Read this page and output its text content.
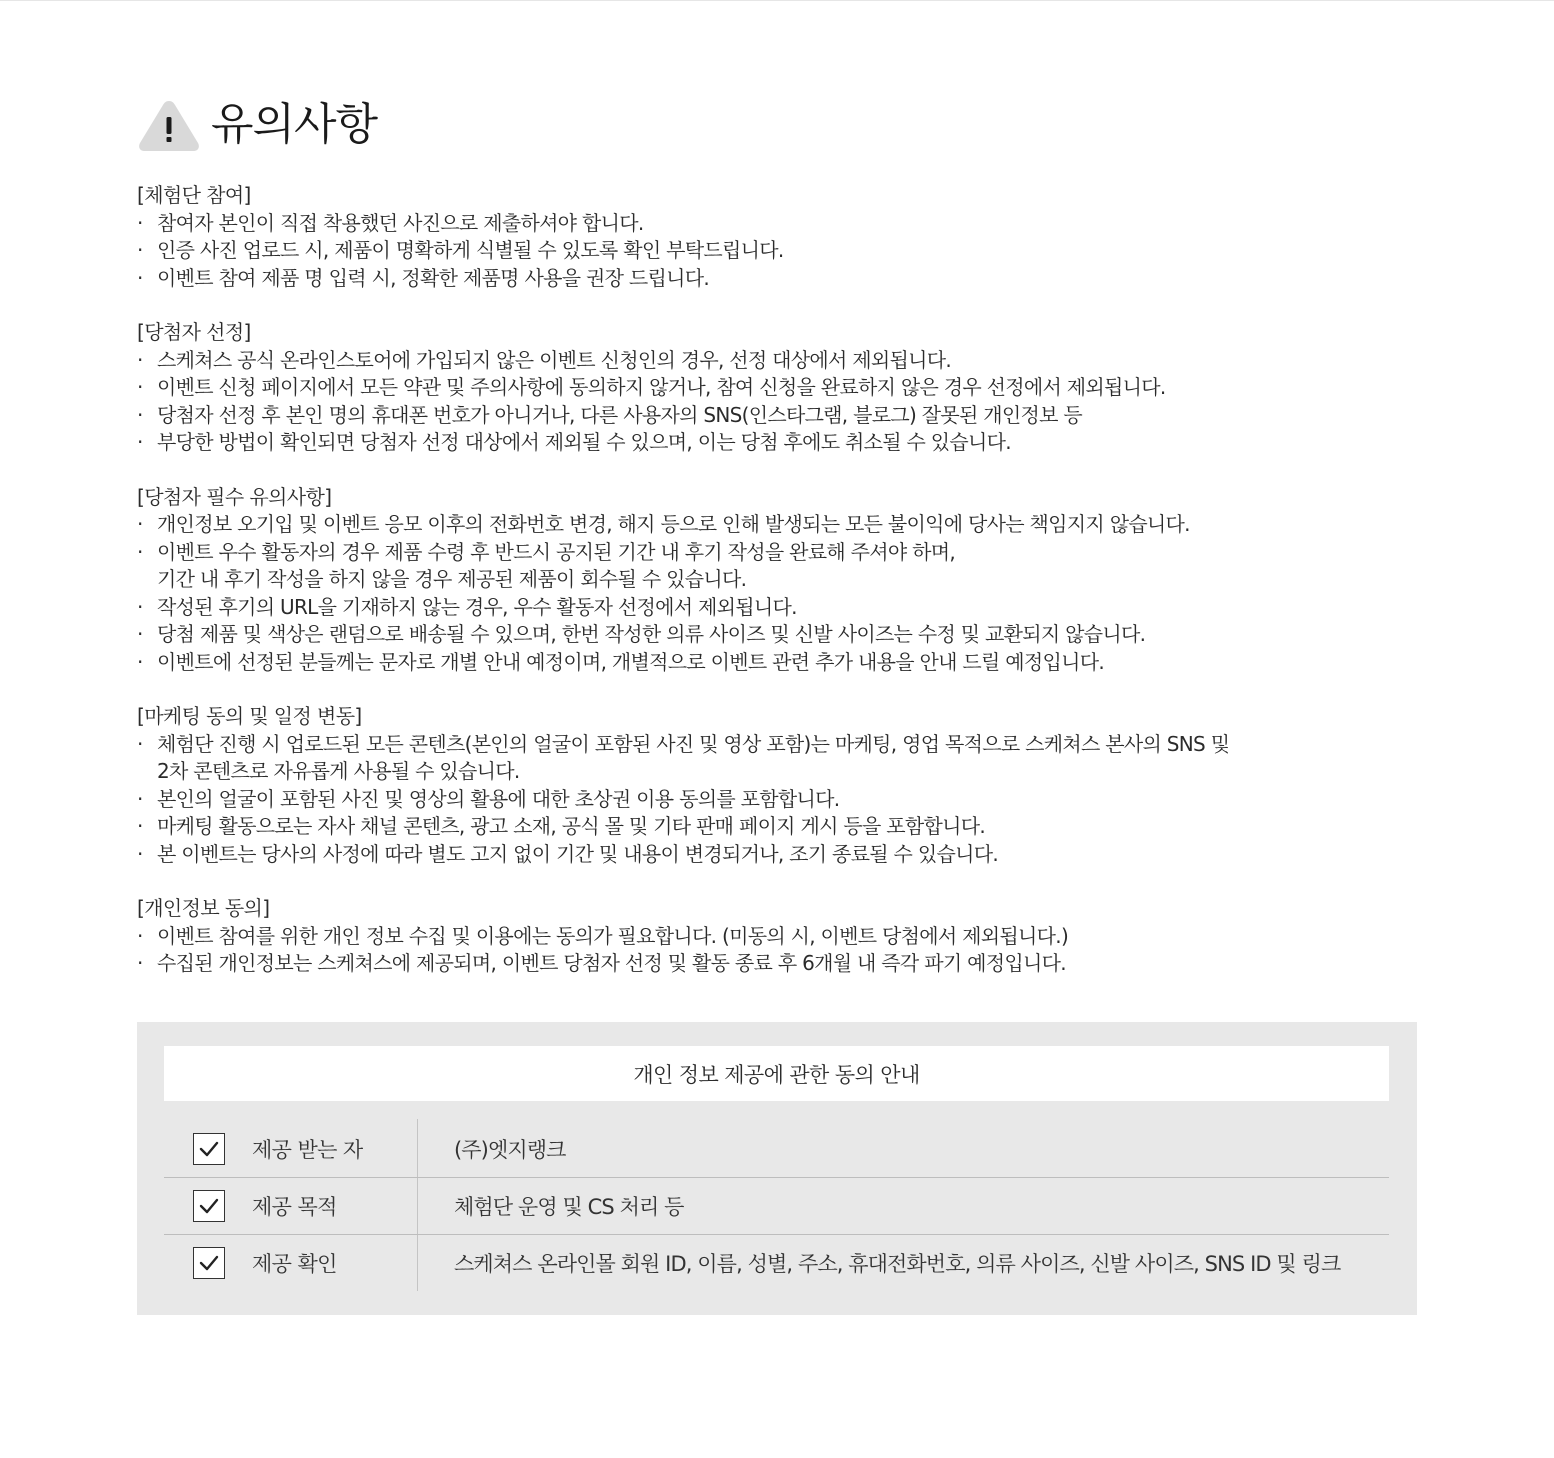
유의사항
[체험단 참여]
· 참여자 본인이 직접 착용했던 사진으로 제출하셔야 합니다.
· 인증 사진 업로드 시, 제품이 명확하게 식별될 수 있도록 확인 부탁드립니다.
· 이벤트 참여 제품 명 입력 시, 정확한 제품명 사용을 권장 드립니다.
[당첨자 선정]
· 스케쳐스 공식 온라인스토어에 가입되지 않은 이벤트 신청인의 경우, 선정 대상에서 제외됩니다.
· 이벤트 신청 페이지에서 모든 약관 및 주의사항에 동의하지 않거나, 참여 신청을 완료하지 않은 경우 선정에서 제외됩니다.
· 당첨자 선정 후 본인 명의 휴대폰 번호가 아니거나, 다른 사용자의 SNS(인스타그램, 블로그) 잘못된 개인정보 등
· 부당한 방법이 확인되면 당첨자 선정 대상에서 제외될 수 있으며, 이는 당첨 후에도 취소될 수 있습니다.
[당첨자 필수 유의사항]
· 개인정보 오기입 및 이벤트 응모 이후의 전화번호 변경, 해지 등으로 인해 발생되는 모든 불이익에 당사는 책임지지 않습니다.
· 이벤트 우수 활동자의 경우 제품 수령 후 반드시 공지된 기간 내 후기 작성을 완료해 주셔야 하며,
기간 내 후기 작성을 하지 않을 경우 제공된 제품이 회수될 수 있습니다.
· 작성된 후기의 URL을 기재하지 않는 경우, 우수 활동자 선정에서 제외됩니다.
· 당첨 제품 및 색상은 랜덤으로 배송될 수 있으며, 한번 작성한 의류 사이즈 및 신발 사이즈는 수정 및 교환되지 않습니다.
· 이벤트에 선정된 분들께는 문자로 개별 안내 예정이며, 개별적으로 이벤트 관련 추가 내용을 안내 드릴 예정입니다.
[마케팅 동의 및 일정 변동]
· 체험단 진행 시 업로드된 모든 콘텐츠(본인의 얼굴이 포함된 사진 및 영상 포함)는 마케팅, 영업 목적으로 스케쳐스 본사의 SNS 및
2차 콘텐츠로 자유롭게 사용될 수 있습니다.
· 본인의 얼굴이 포함된 사진 및 영상의 활용에 대한 초상권 이용 동의를 포함합니다.
· 마케팅 활동으로는 자사 채널 콘텐츠, 광고 소재, 공식 몰 및 기타 판매 페이지 게시 등을 포함합니다.
· 본 이벤트는 당사의 사정에 따라 별도 고지 없이 기간 및 내용이 변경되거나, 조기 종료될 수 있습니다.
[개인정보 동의]
· 이벤트 참여를 위한 개인 정보 수집 및 이용에는 동의가 필요합니다. (미동의 시, 이벤트 당첨에서 제외됩니다.)
· 수집된 개인정보는 스케쳐스에 제공되며, 이벤트 당첨자 선정 및 활동 종료 후 6개월 내 즉각 파기 예정입니다.
개인 정보 제공에 관한 동의 안내
제공 받는 자	(주)엣지랭크
제공 목적	체험단 운영 및 CS 처리 등
제공 확인	스케쳐스 온라인몰 회원 ID, 이름, 성별, 주소, 휴대전화번호, 의류 사이즈, 신발 사이즈, SNS ID 및 링크
